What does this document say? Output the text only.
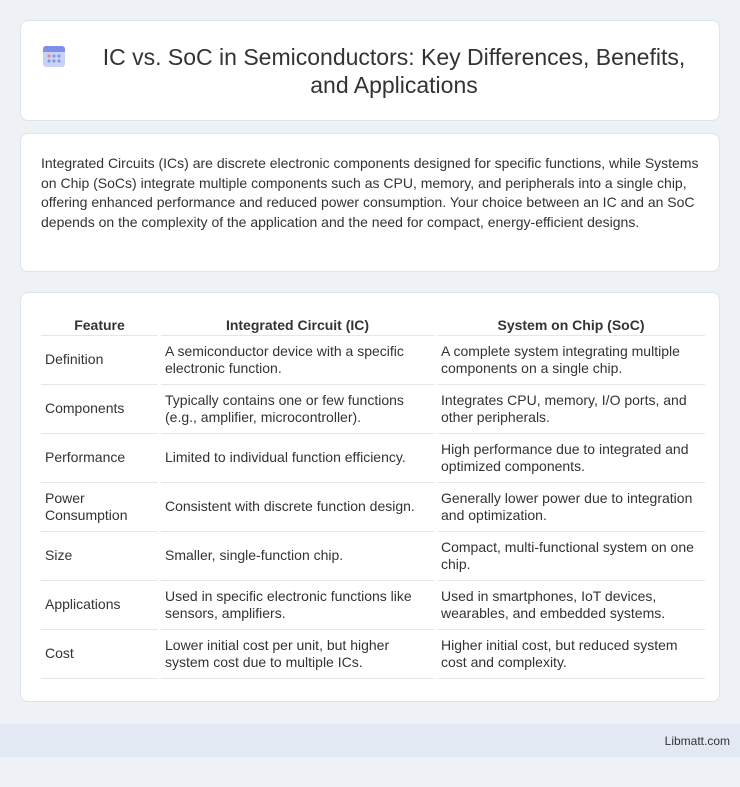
IC vs. SoC in Semiconductors: Key Differences, Benefits, and Applications

Integrated Circuits (ICs) are discrete electronic components designed for specific functions, while Systems on Chip (SoCs) integrate multiple components such as CPU, memory, and peripherals into a single chip, offering enhanced performance and reduced power consumption. Your choice between an IC and an SoC depends on the complexity of the application and the need for compact, energy-efficient designs.

Feature	Integrated Circuit (IC)	System on Chip (SoC)
Definition	A semiconductor device with a specific electronic function.	A complete system integrating multiple components on a single chip.
Components	Typically contains one or few functions (e.g., amplifier, microcontroller).	Integrates CPU, memory, I/O ports, and other peripherals.
Performance	Limited to individual function efficiency.	High performance due to integrated and optimized components.
Power Consumption	Consistent with discrete function design.	Generally lower power due to integration and optimization.
Size	Smaller, single-function chip.	Compact, multi-functional system on one chip.
Applications	Used in specific electronic functions like sensors, amplifiers.	Used in smartphones, IoT devices, wearables, and embedded systems.
Cost	Lower initial cost per unit, but higher system cost due to multiple ICs.	Higher initial cost, but reduced system cost and complexity.
Libmatt.com
